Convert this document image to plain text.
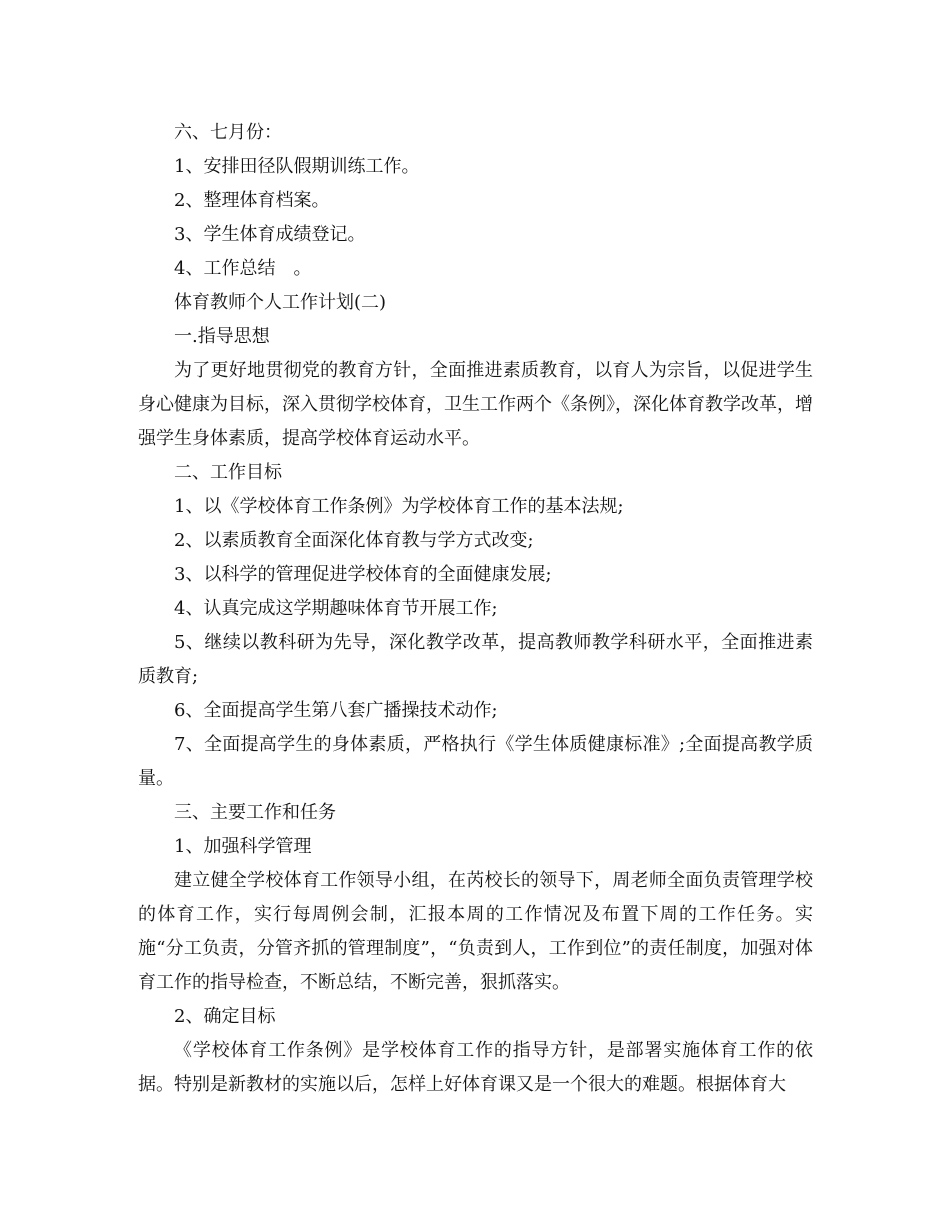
六、七月份：

1、安排田径队假期训练工作。

2、整理体育档案。

3、学生体育成绩登记。

4、工作总结　。

体育教师个人工作计划(二)

一.指导思想

为了更好地贯彻党的教育方针，全面推进素质教育，以育人为宗旨，以促进学生身心健康为目标，深入贯彻学校体育，卫生工作两个《条例》，深化体育教学改革，增强学生身体素质，提高学校体育运动水平。

二、工作目标

1、以《学校体育工作条例》为学校体育工作的基本法规;

2、以素质教育全面深化体育教与学方式改变;

3、以科学的管理促进学校体育的全面健康发展;

4、认真完成这学期趣味体育节开展工作;

5、继续以教科研为先导，深化教学改革，提高教师教学科研水平，全面推进素质教育;

6、全面提高学生第八套广播操技术动作;

7、全面提高学生的身体素质，严格执行《学生体质健康标准》;全面提高教学质量。

三、主要工作和任务

1、加强科学管理

建立健全学校体育工作领导小组，在芮校长的领导下，周老师全面负责管理学校的体育工作，实行每周例会制，汇报本周的工作情况及布置下周的工作任务。实施“分工负责，分管齐抓的管理制度”，“负责到人，工作到位”的责任制度，加强对体育工作的指导检查，不断总结，不断完善，狠抓落实。

2、确定目标

《学校体育工作条例》是学校体育工作的指导方针，是部署实施体育工作的依据。特别是新教材的实施以后，怎样上好体育课又是一个很大的难题。根据体育大
